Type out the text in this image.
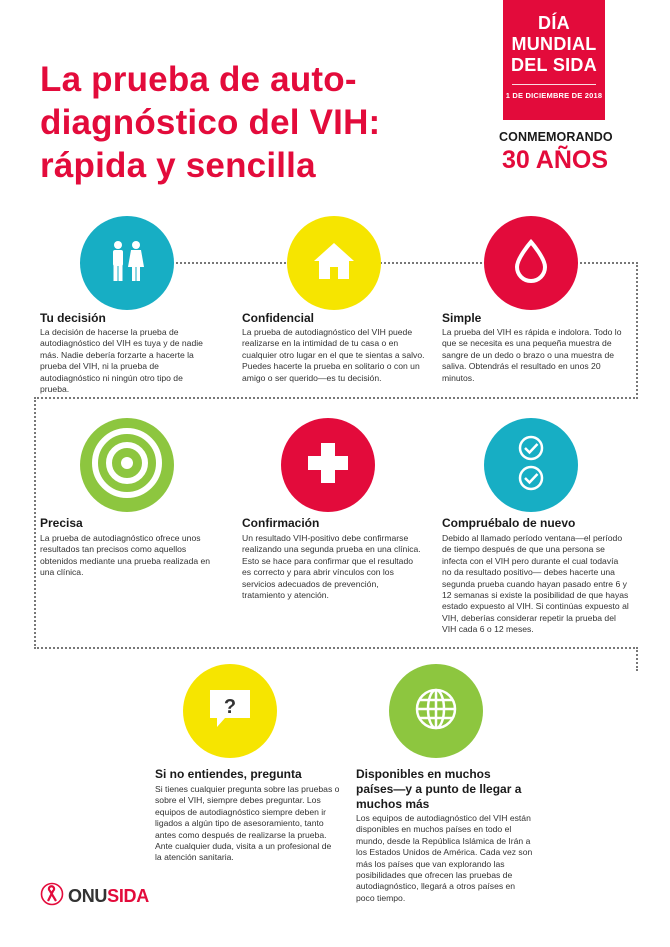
La prueba de auto-
diagnóstico del VIH:
rápida y sencilla
DÍA
MUNDIAL
DEL SIDA
1 DE DICIEMBRE DE 2018
CONMEMORANDO
30 AÑOS
Tu decisión
La decisión de hacerse la prueba de autodiagnóstico del VIH es tuya y de nadie más. Nadie debería forzarte a hacerte la prueba del VIH, ni la prueba de autodiagnóstico ni ningún otro tipo de prueba.
Confidencial
La prueba de autodiagnóstico del VIH puede realizarse en la intimidad de tu casa o en cualquier otro lugar en el que te sientas a salvo. Puedes hacerte la prueba en solitario o con un amigo o ser querido—es tu decisión.
Simple
La prueba del VIH es rápida e indolora. Todo lo que se necesita es una pequeña muestra de sangre de un dedo o brazo o una muestra de saliva. Obtendrás el resultado en unos 20 minutos.
Precisa
La prueba de autodiagnóstico ofrece unos resultados tan precisos como aquellos obtenidos mediante una prueba realizada en una clínica.
Confirmación
Un resultado VIH-positivo debe confirmarse realizando una segunda prueba en una clínica. Esto se hace para confirmar que el resultado es correcto y para abrir vínculos con los servicios adecuados de prevención, tratamiento y atención.
Compruébalo de nuevo
Debido al llamado período ventana—el período de tiempo después de que una persona se infecta con el VIH pero durante el cual todavía no da resultado positivo— debes hacerte una segunda prueba cuando hayan pasado entre 6 y 12 semanas si existe la posibilidad de que hayas estado expuesto al VIH. Si continúas expuesto al VIH, deberías considerar repetir la prueba del VIH cada 6 o 12 meses.
?
Si no entiendes, pregunta
Si tienes cualquier pregunta sobre las pruebas o sobre el VIH, siempre debes preguntar. Los equipos de autodiagnóstico siempre deben ir ligados a algún tipo de asesoramiento, tanto antes como después de realizarse la prueba. Ante cualquier duda, visita a un profesional de la atención sanitaria.
Disponibles en muchos países—y a punto de llegar a muchos más
Los equipos de autodiagnóstico del VIH están disponibles en muchos países en todo el mundo, desde la República Islámica de Irán a los Estados Unidos de América. Cada vez son más los países que van explorando las posibilidades que ofrecen las pruebas de autodiagnóstico, llegará a otros países en poco tiempo.
ONUSIDA
